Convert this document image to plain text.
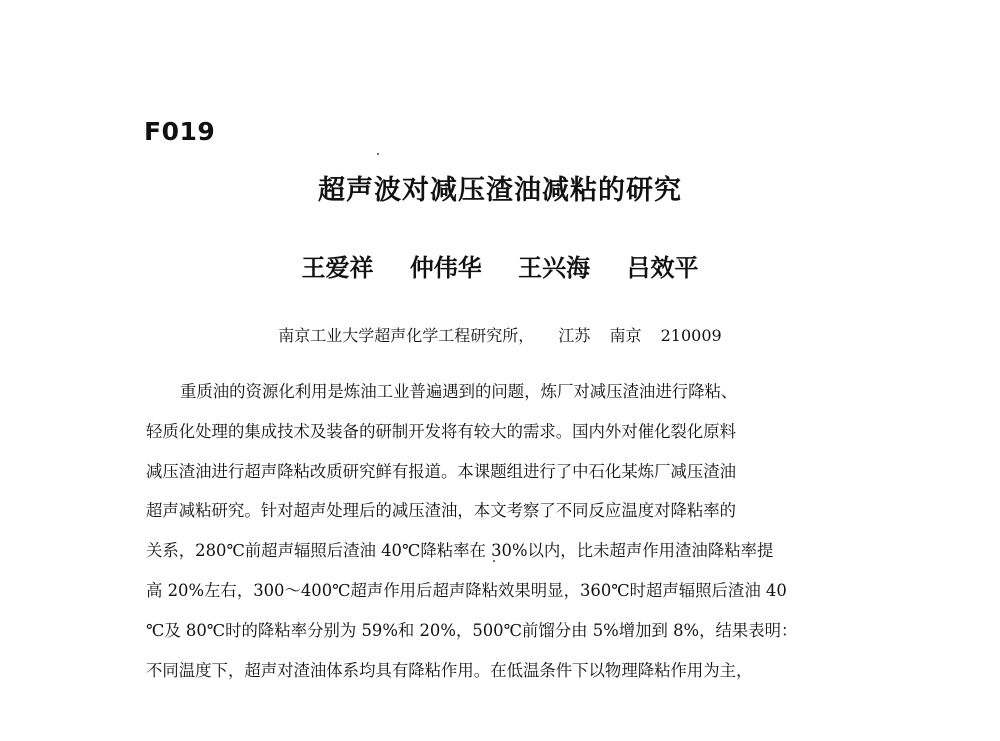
F019
超声波对减压渣油减粘的研究
王爱祥 仲伟华 王兴海 吕效平
南京工业大学超声化学工程研究所， 江苏 南京 210009

重质油的资源化利用是炼油工业普遍遇到的问题，炼厂对减压渣油进行降粘、
轻质化处理的集成技术及装备的研制开发将有较大的需求。国内外对催化裂化原料
减压渣油进行超声降粘改质研究鲜有报道。本课题组进行了中石化某炼厂减压渣油
超声减粘研究。针对超声处理后的减压渣油，本文考察了不同反应温度对降粘率的
关系，280℃前超声辐照后渣油 40℃降粘率在 30%以内，比未超声作用渣油降粘率提
高 20%左右，300～400℃超声作用后超声降粘效果明显，360℃时超声辐照后渣油 40
℃及 80℃时的降粘率分别为 59%和 20%，500℃前馏分由 5%增加到 8%，结果表明：
不同温度下，超声对渣油体系均具有降粘作用。在低温条件下以物理降粘作用为主，
